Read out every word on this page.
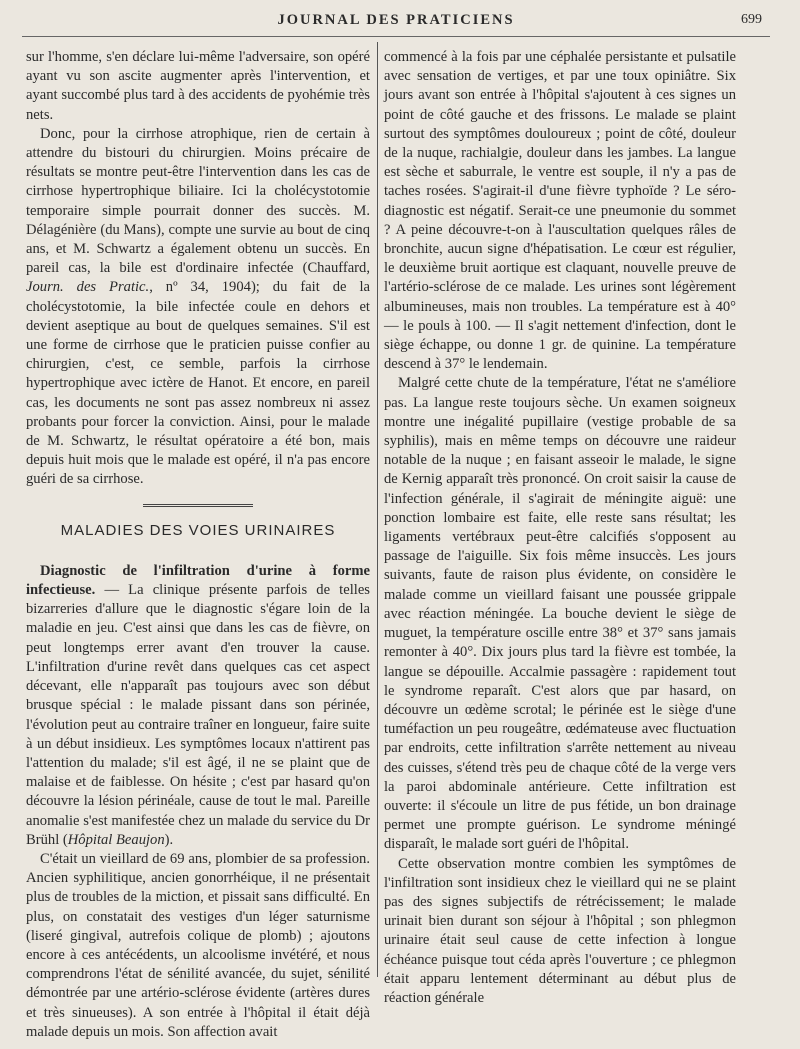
JOURNAL DES PRATICIENS	699

sur l'homme, s'en déclare lui-même l'adversaire, son opéré ayant vu son ascite augmenter après l'intervention, et ayant succombé plus tard à des accidents de pyohémie très nets.

Donc, pour la cirrhose atrophique, rien de certain à attendre du bistouri du chirurgien. Moins précaire de résultats se montre peut-être l'intervention dans les cas de cirrhose hypertrophique biliaire. Ici la cholécystotomie temporaire simple pourrait donner des succès. M. Délagénière (du Mans), compte une survie au bout de cinq ans, et M. Schwartz a également obtenu un succès. En pareil cas, la bile est d'ordinaire infectée (Chauffard, Journ. des Pratic., nº 34, 1904); du fait de la cholécystotomie, la bile infectée coule en dehors et devient aseptique au bout de quelques semaines. S'il est une forme de cirrhose que le praticien puisse confier au chirurgien, c'est, ce semble, parfois la cirrhose hypertrophique avec ictère de Hanot. Et encore, en pareil cas, les documents ne sont pas assez nombreux ni assez probants pour forcer la conviction. Ainsi, pour le malade de M. Schwartz, le résultat opératoire a été bon, mais depuis huit mois que le malade est opéré, il n'a pas encore guéri de sa cirrhose.

MALADIES DES VOIES URINAIRES

Diagnostic de l'infiltration d'urine à forme infectieuse. — La clinique présente parfois de telles bizarreries d'allure que le diagnostic s'égare loin de la maladie en jeu. C'est ainsi que dans les cas de fièvre, on peut longtemps errer avant d'en trouver la cause. L'infiltration d'urine revêt dans quelques cas cet aspect décevant, elle n'apparaît pas toujours avec son début brusque spécial : le malade pissant dans son périnée, l'évolution peut au contraire traîner en longueur, faire suite à un début insidieux. Les symptômes locaux n'attirent pas l'attention du malade; s'il est âgé, il ne se plaint que de malaise et de faiblesse. On hésite ; c'est par hasard qu'on découvre la lésion périnéale, cause de tout le mal. Pareille anomalie s'est manifestée chez un malade du service du Dr Brühl (Hôpital Beaujon).

C'était un vieillard de 69 ans, plombier de sa profession. Ancien syphilitique, ancien gonorrhéique, il ne présentait plus de troubles de la miction, et pissait sans difficulté. En plus, on constatait des vestiges d'un léger saturnisme (liseré gingival, autrefois colique de plomb) ; ajoutons encore à ces antécédents, un alcoolisme invétéré, et nous comprendrons l'état de sénilité avancée, du sujet, sénilité démontrée par une artério-sclérose évidente (artères dures et très sinueuses). A son entrée à l'hôpital il était déjà malade depuis un mois. Son affection avait

commencé à la fois par une céphalée persistante et pulsatile avec sensation de vertiges, et par une toux opiniâtre. Six jours avant son entrée à l'hôpital s'ajoutent à ces signes un point de côté gauche et des frissons. Le malade se plaint surtout des symptômes douloureux ; point de côté, douleur de la nuque, rachialgie, douleur dans les jambes. La langue est sèche et saburrale, le ventre est souple, il n'y a pas de taches rosées. S'agirait-il d'une fièvre typhoïde ? Le séro-diagnostic est négatif. Serait-ce une pneumonie du sommet ? A peine découvre-t-on à l'auscultation quelques râles de bronchite, aucun signe d'hépatisation. Le cœur est régulier, le deuxième bruit aortique est claquant, nouvelle preuve de l'artério-sclérose de ce malade. Les urines sont légèrement albumineuses, mais non troubles. La température est à 40° — le pouls à 100. — Il s'agit nettement d'infection, dont le siège échappe, ou donne 1 gr. de quinine. La température descend à 37° le lendemain.

Malgré cette chute de la température, l'état ne s'améliore pas. La langue reste toujours sèche. Un examen soigneux montre une inégalité pupillaire (vestige probable de sa syphilis), mais en même temps on découvre une raideur notable de la nuque ; en faisant asseoir le malade, le signe de Kernig apparaît très prononcé. On croit saisir la cause de l'infection générale, il s'agirait de méningite aiguë: une ponction lombaire est faite, elle reste sans résultat; les ligaments vertébraux peut-être calcifiés s'opposent au passage de l'aiguille. Six fois même insuccès. Les jours suivants, faute de raison plus évidente, on considère le malade comme un vieillard faisant une poussée grippale avec réaction méningée. La bouche devient le siège de muguet, la température oscille entre 38° et 37° sans jamais remonter à 40°. Dix jours plus tard la fièvre est tombée, la langue se dépouille. Accalmie passagère : rapidement tout le syndrome reparaît. C'est alors que par hasard, on découvre un œdème scrotal; le périnée est le siège d'une tuméfaction un peu rougeâtre, œdémateuse avec fluctuation par endroits, cette infiltration s'arrête nettement au niveau des cuisses, s'étend très peu de chaque côté de la verge vers la paroi abdominale antérieure. Cette infiltration est ouverte: il s'écoule un litre de pus fétide, un bon drainage permet une prompte guérison. Le syndrome méningé disparaît, le malade sort guéri de l'hôpital.

Cette observation montre combien les symptômes de l'infiltration sont insidieux chez le vieillard qui ne se plaint pas des signes subjectifs de rétrécissement; le malade urinait bien durant son séjour à l'hôpital ; son phlegmon urinaire était seul cause de cette infection à longue échéance puisque tout céda après l'ouverture ; ce phlegmon était apparu lentement déterminant au début plus de réaction générale
